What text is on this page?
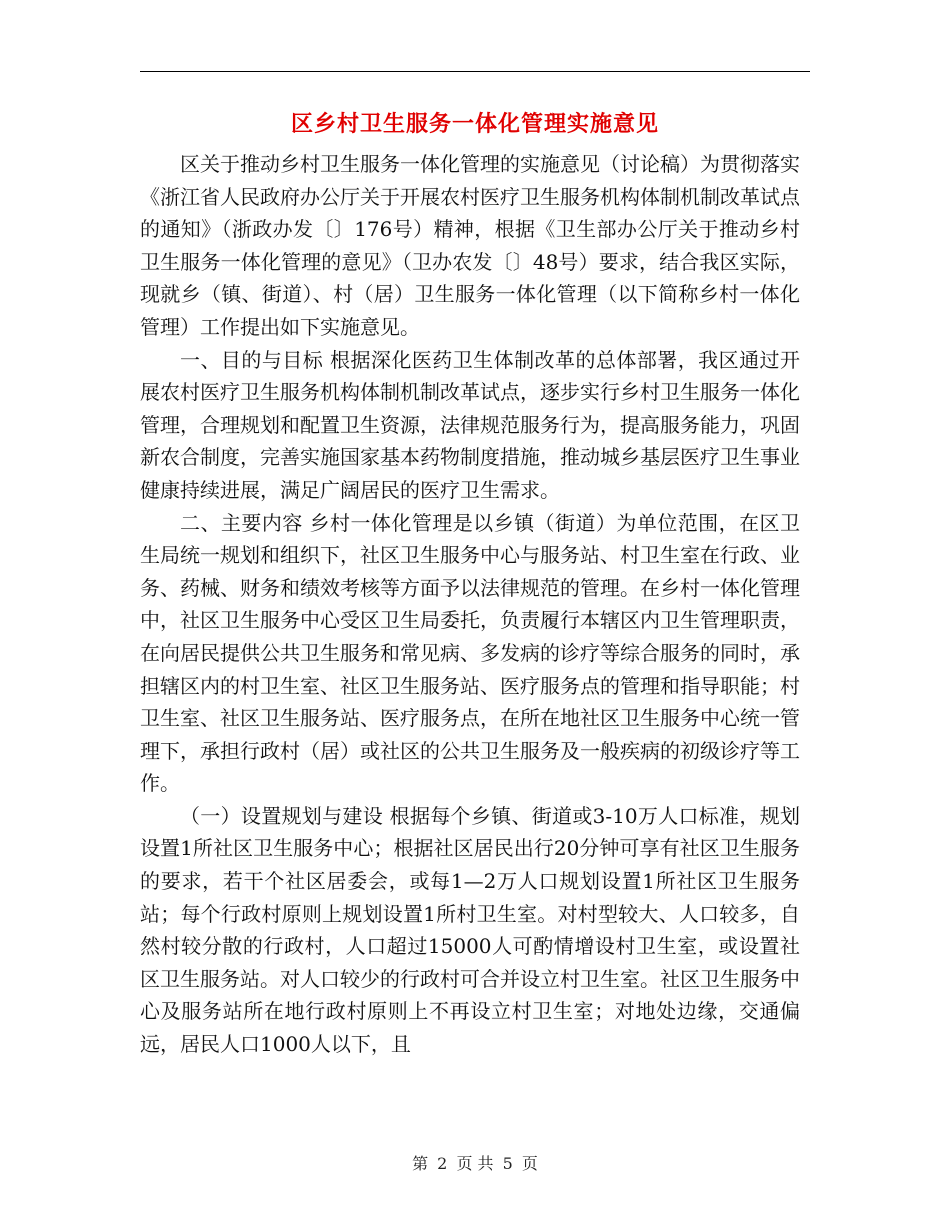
区乡村卫生服务一体化管理实施意见

区关于推动乡村卫生服务一体化管理的实施意见（讨论稿）为贯彻落实《浙江省人民政府办公厅关于开展农村医疗卫生服务机构体制机制改革试点的通知》（浙政办发〔〕176号）精神，根据《卫生部办公厅关于推动乡村卫生服务一体化管理的意见》（卫办农发〔〕48号）要求，结合我区实际，现就乡（镇、街道）、村（居）卫生服务一体化管理（以下简称乡村一体化管理）工作提出如下实施意见。

一、目的与目标 根据深化医药卫生体制改革的总体部署，我区通过开展农村医疗卫生服务机构体制机制改革试点，逐步实行乡村卫生服务一体化管理，合理规划和配置卫生资源，法律规范服务行为，提高服务能力，巩固新农合制度，完善实施国家基本药物制度措施，推动城乡基层医疗卫生事业健康持续进展，满足广阔居民的医疗卫生需求。

二、主要内容 乡村一体化管理是以乡镇（街道）为单位范围，在区卫生局统一规划和组织下，社区卫生服务中心与服务站、村卫生室在行政、业务、药械、财务和绩效考核等方面予以法律规范的管理。在乡村一体化管理中，社区卫生服务中心受区卫生局委托，负责履行本辖区内卫生管理职责，在向居民提供公共卫生服务和常见病、多发病的诊疗等综合服务的同时，承担辖区内的村卫生室、社区卫生服务站、医疗服务点的管理和指导职能；村卫生室、社区卫生服务站、医疗服务点，在所在地社区卫生服务中心统一管理下，承担行政村（居）或社区的公共卫生服务及一般疾病的初级诊疗等工作。

（一）设置规划与建设 根据每个乡镇、街道或3-10万人口标准，规划设置1所社区卫生服务中心；根据社区居民出行20分钟可享有社区卫生服务的要求，若干个社区居委会，或每1—2万人口规划设置1所社区卫生服务站；每个行政村原则上规划设置1所村卫生室。对村型较大、人口较多，自然村较分散的行政村，人口超过15000人可酌情增设村卫生室，或设置社区卫生服务站。对人口较少的行政村可合并设立村卫生室。社区卫生服务中心及服务站所在地行政村原则上不再设立村卫生室；对地处边缘，交通偏远，居民人口1000人以下，且

第 2 页 共 5 页
